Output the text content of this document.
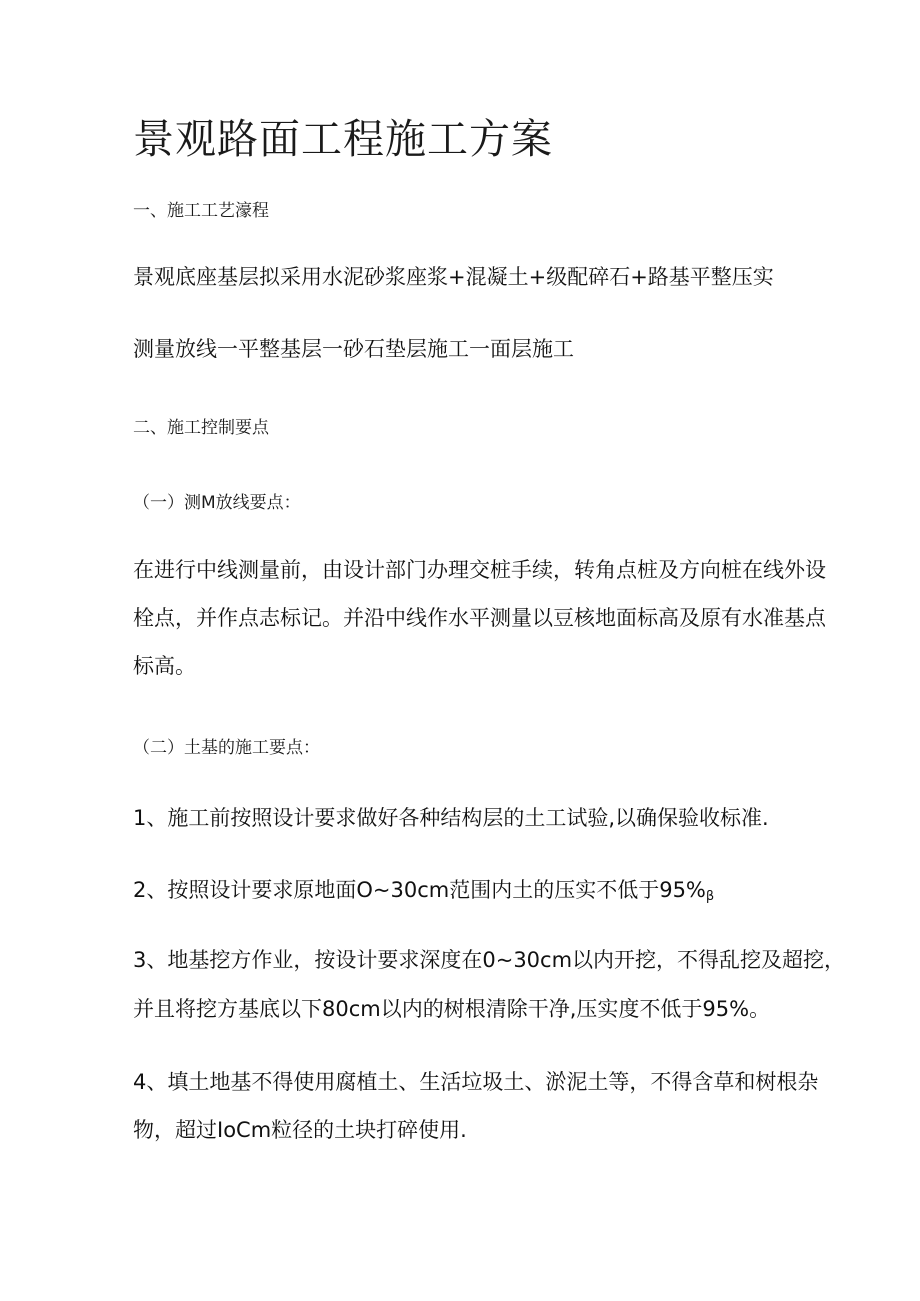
景观路面工程施工方案

一、施工工艺濠程

景观底座基层拟采用水泥砂浆座浆+混凝土+级配碎石+路基平整压实

测量放线一平整基层一砂石垫层施工一面层施工

二、施工控制要点

（一）测M放线要点：

在进行中线测量前，由设计部门办理交桩手续，转角点桩及方向桩在线外设

栓点，并作点志标记。并沿中线作水平测量以豆核地面标高及原有水准基点

标高。

（二）土基的施工要点：

1、施工前按照设计要求做好各种结构层的土工试验,以确保验收标准.

2、按照设计要求原地面O~30cm范围内土的压实不低于$95\%_\beta$

3、地基挖方作业，按设计要求深度在0~30cm以内开挖，不得乱挖及超挖，

并且将挖方基底以下80cm以内的树根清除干净,压实度不低于95%。

4、填土地基不得使用腐植土、生活垃圾土、淤泥土等，不得含草和树根杂

物，超过IoCm粒径的土块打碎使用.
